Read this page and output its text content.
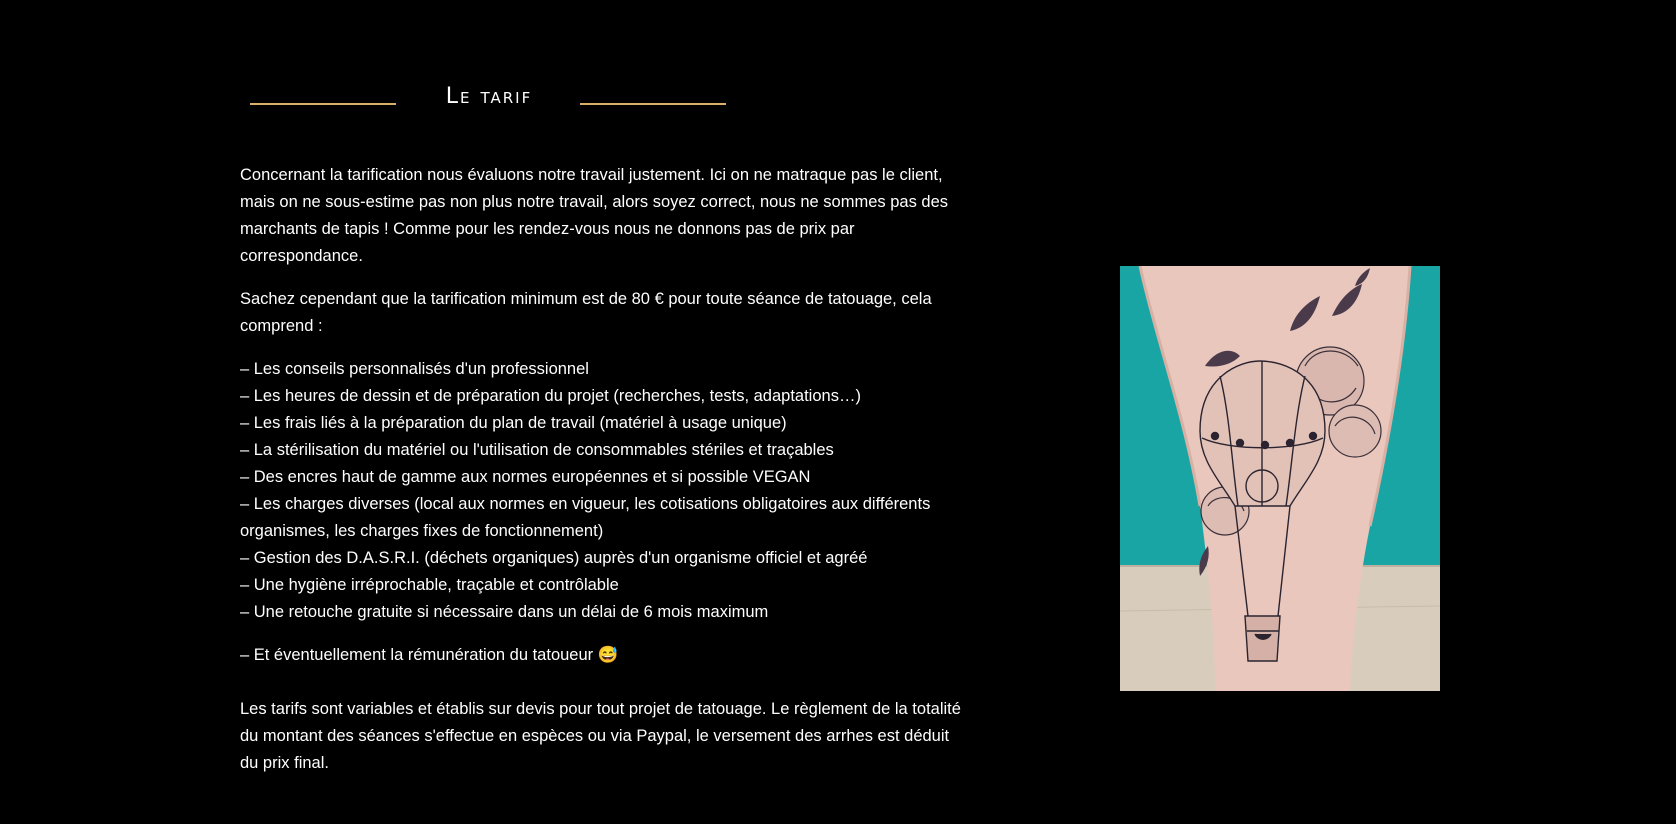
Le tarif

Concernant la tarification nous évaluons notre travail justement. Ici on ne matraque pas le client, mais on ne sous-estime pas non plus notre travail, alors soyez correct, nous ne sommes pas des marchants de tapis ! Comme pour les rendez-vous nous ne donnons pas de prix par correspondance.

Sachez cependant que la tarification minimum est de 80 € pour toute séance de tatouage, cela comprend :

– Les conseils personnalisés d'un professionnel
– Les heures de dessin et de préparation du projet (recherches, tests, adaptations…)
– Les frais liés à la préparation du plan de travail (matériel à usage unique)
– La stérilisation du matériel ou l'utilisation de consommables stériles et traçables
– Des encres haut de gamme aux normes européennes et si possible VEGAN
– Les charges diverses (local aux normes en vigueur, les cotisations obligatoires aux différents organismes, les charges fixes de fonctionnement)
– Gestion des D.A.S.R.I. (déchets organiques) auprès d'un organisme officiel et agréé
– Une hygiène irréprochable, traçable et contrôlable
– Une retouche gratuite si nécessaire dans un délai de 6 mois maximum

– Et éventuellement la rémunération du tatoueur 😅

Les tarifs sont variables et établis sur devis pour tout projet de tatouage. Le règlement de la totalité du montant des séances s'effectue en espèces ou via Paypal, le versement des arrhes est déduit du prix final.
